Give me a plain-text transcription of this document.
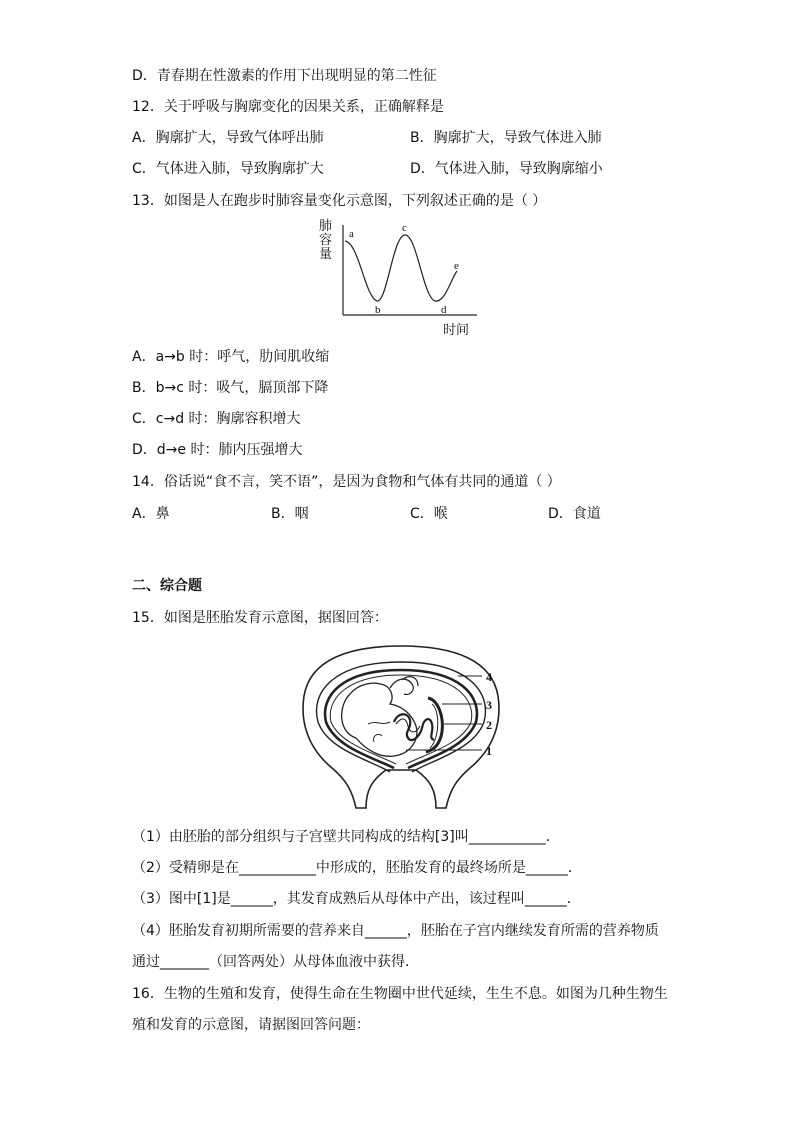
D．青春期在性激素的作用下出现明显的第二性征
12．关于呼吸与胸廓变化的因果关系，正确解释是
A．胸廓扩大，导致气体呼出肺	B．胸廓扩大，导致气体进入肺
C．气体进入肺，导致胸廓扩大	D．气体进入肺，导致胸廓缩小
13．如图是人在跑步时肺容量变化示意图，下列叙述正确的是（ ）
肺
容
量
时间
a
b
c
d
e
A．a→b 时：呼气，肋间肌收缩
B．b→c 时：吸气，膈顶部下降
C．c→d 时：胸廓容积增大
D．d→e 时：肺内压强增大
14．俗话说“食不言，笑不语”，是因为食物和气体有共同的通道（ ）
A．鼻	B．咽	C．喉	D．食道
二、综合题
15．如图是胚胎发育示意图，据图回答：
4
3
2
1
（1）由胚胎的部分组织与子宫壁共同构成的结构[3]叫___________．
（2）受精卵是在___________中形成的，胚胎发育的最终场所是______．
（3）图中[1]是______，其发育成熟后从母体中产出，该过程叫______．
（4）胚胎发育初期所需要的营养来自______，胚胎在子宫内继续发育所需的营养物质
通过_______（回答两处）从母体血液中获得．
16．生物的生殖和发育，使得生命在生物圈中世代延续，生生不息。如图为几种生物生
殖和发育的示意图，请据图回答问题：
